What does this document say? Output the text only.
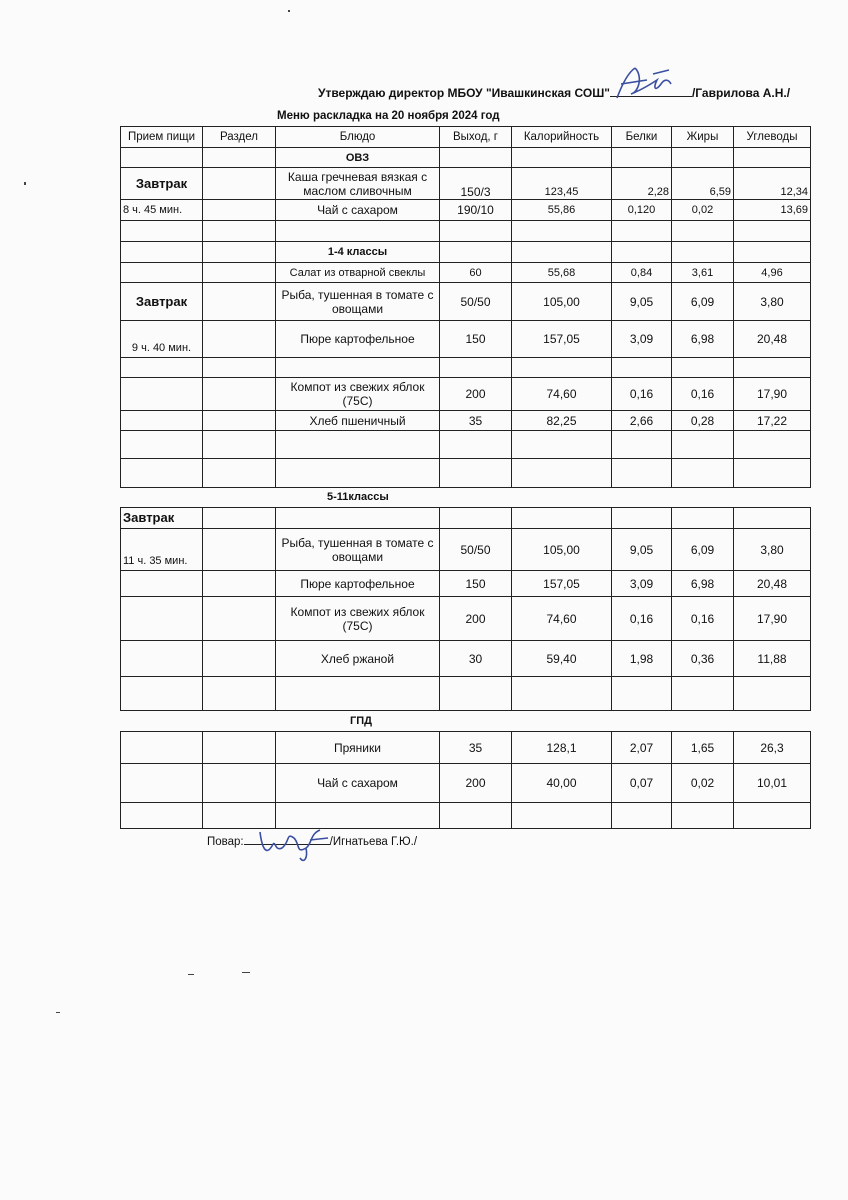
Утверждаю директор МБОУ "Ивашкинская СОШ"	/Гаврилова А.Н./
Меню раскладка на 20 ноября 2024 год
Прием пищи	Раздел	Блюдо	Выход, г	Калорийность	Белки	Жиры	Углеводы
		ОВЗ					
Завтрак		Каша гречневая вязкая с маслом сливочным	150/3	123,45	2,28	6,59	12,34
8 ч. 45 мин.		Чай с сахаром	190/10	55,86	0,120	0,02	13,69

		1-4 классы					
		Салат из отварной свеклы	60	55,68	0,84	3,61	4,96
Завтрак		Рыба, тушенная в томате с овощами	50/50	105,00	9,05	6,09	3,80
9 ч. 40 мин.		Пюре картофельное	150	157,05	3,09	6,98	20,48

		Компот из свежих яблок (75С)	200	74,60	0,16	0,16	17,90
		Хлеб пшеничный	35	82,25	2,66	0,28	17,22

5-11классы
Завтрак							
11 ч. 35 мин.		Рыба, тушенная в томате с овощами	50/50	105,00	9,05	6,09	3,80
		Пюре картофельное	150	157,05	3,09	6,98	20,48
		Компот из свежих яблок (75С)	200	74,60	0,16	0,16	17,90
		Хлеб ржаной	30	59,40	1,98	0,36	11,88

ГПД
		Пряники	35	128,1	2,07	1,65	26,3
		Чай с сахаром	200	40,00	0,07	0,02	10,01

Повар:	/Игнатьева Г.Ю./
